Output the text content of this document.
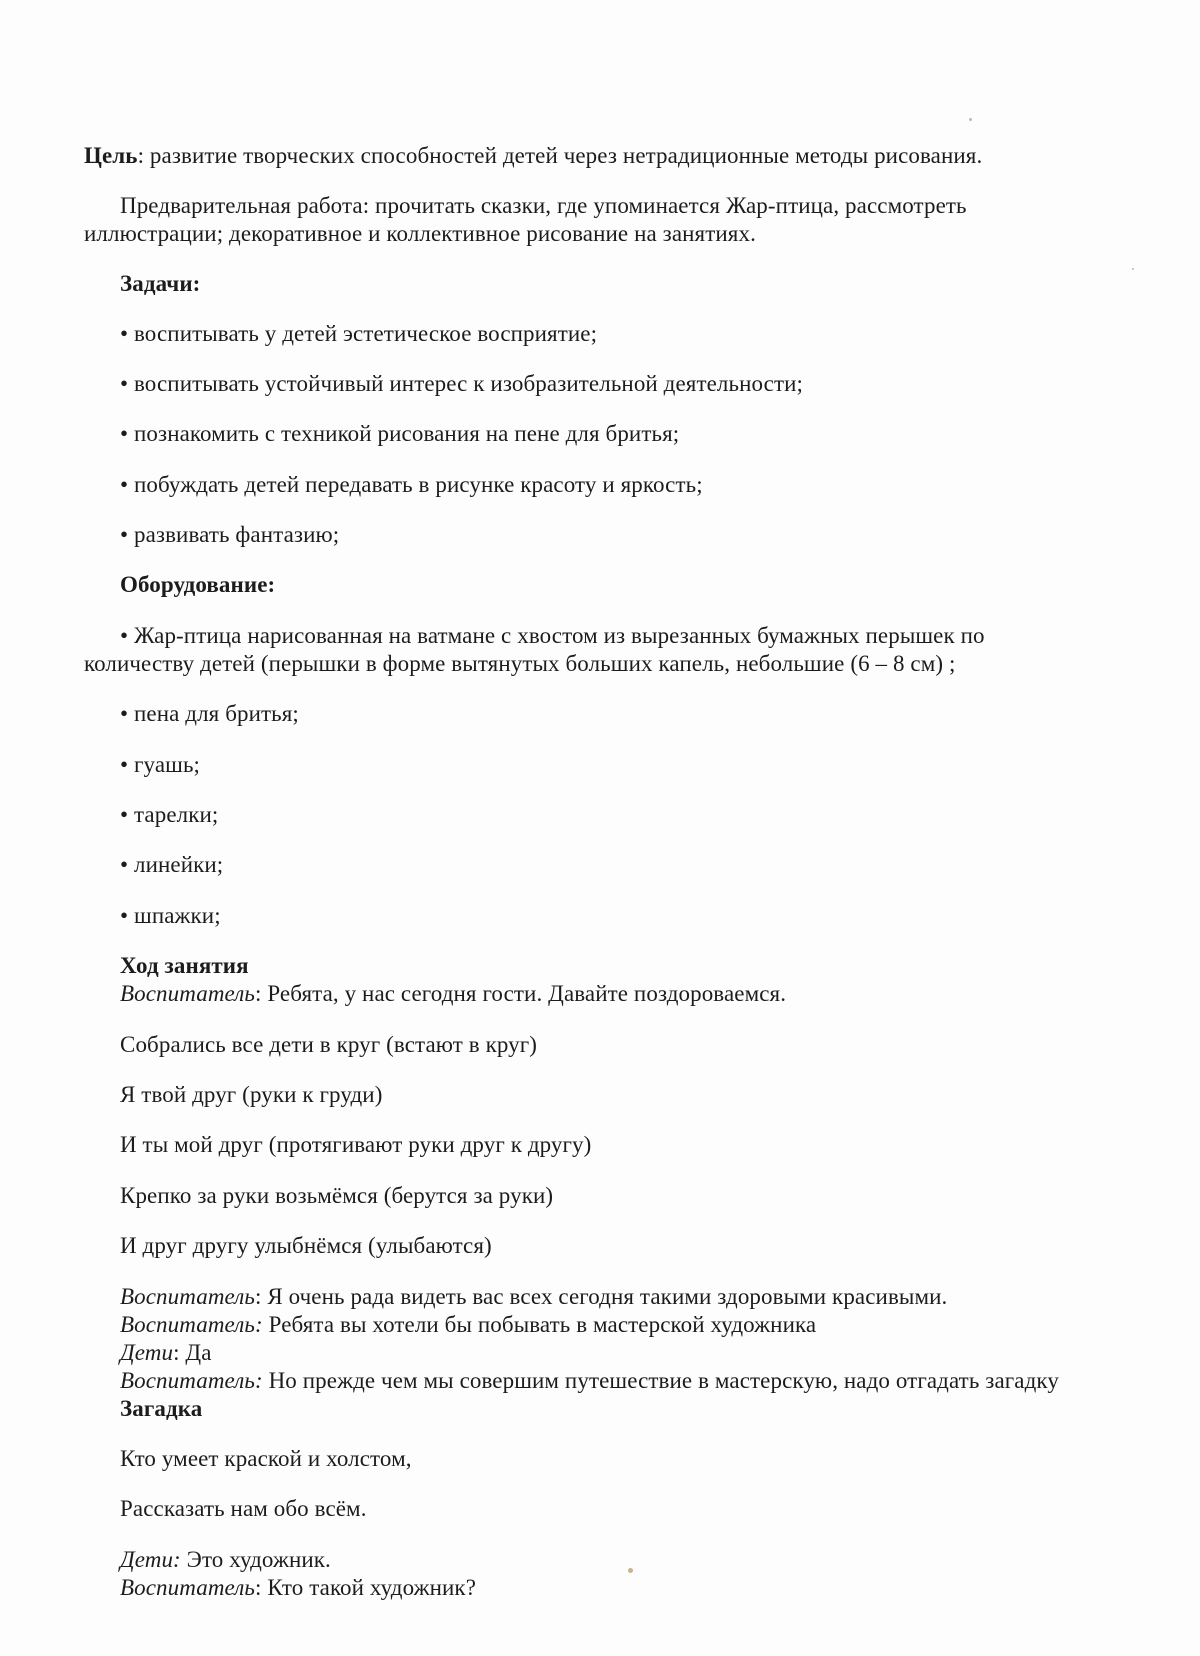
Цель: развитие творческих способностей детей через нетрадиционные методы рисования.
Предварительная работа: прочитать сказки, где упоминается Жар-птица, рассмотреть
иллюстрации; декоративное и коллективное рисование на занятиях.
Задачи:
• воспитывать у детей эстетическое восприятие;
• воспитывать устойчивый интерес к изобразительной деятельности;
• познакомить с техникой рисования на пене для бритья;
• побуждать детей передавать в рисунке красоту и яркость;
• развивать фантазию;
Оборудование:
• Жар-птица нарисованная на ватмане с хвостом из вырезанных бумажных перышек по
количеству детей (перышки в форме вытянутых больших капель, небольшие (6 – 8 см) ;
• пена для бритья;
• гуашь;
• тарелки;
• линейки;
• шпажки;
Ход занятия
Воспитатель: Ребята, у нас сегодня гости. Давайте поздороваемся.
Собрались все дети в круг (встают в круг)
Я твой друг (руки к груди)
И ты мой друг (протягивают руки друг к другу)
Крепко за руки возьмёмся (берутся за руки)
И друг другу улыбнёмся (улыбаются)
Воспитатель: Я очень рада видеть вас всех сегодня такими здоровыми красивыми.
Воспитатель: Ребята вы хотели бы побывать в мастерской художника
Дети: Да
Воспитатель: Но прежде чем мы совершим путешествие в мастерскую, надо отгадать загадку
Загадка
Кто умеет краской и холстом,
Рассказать нам обо всём.
Дети: Это художник.
Воспитатель: Кто такой художник?
